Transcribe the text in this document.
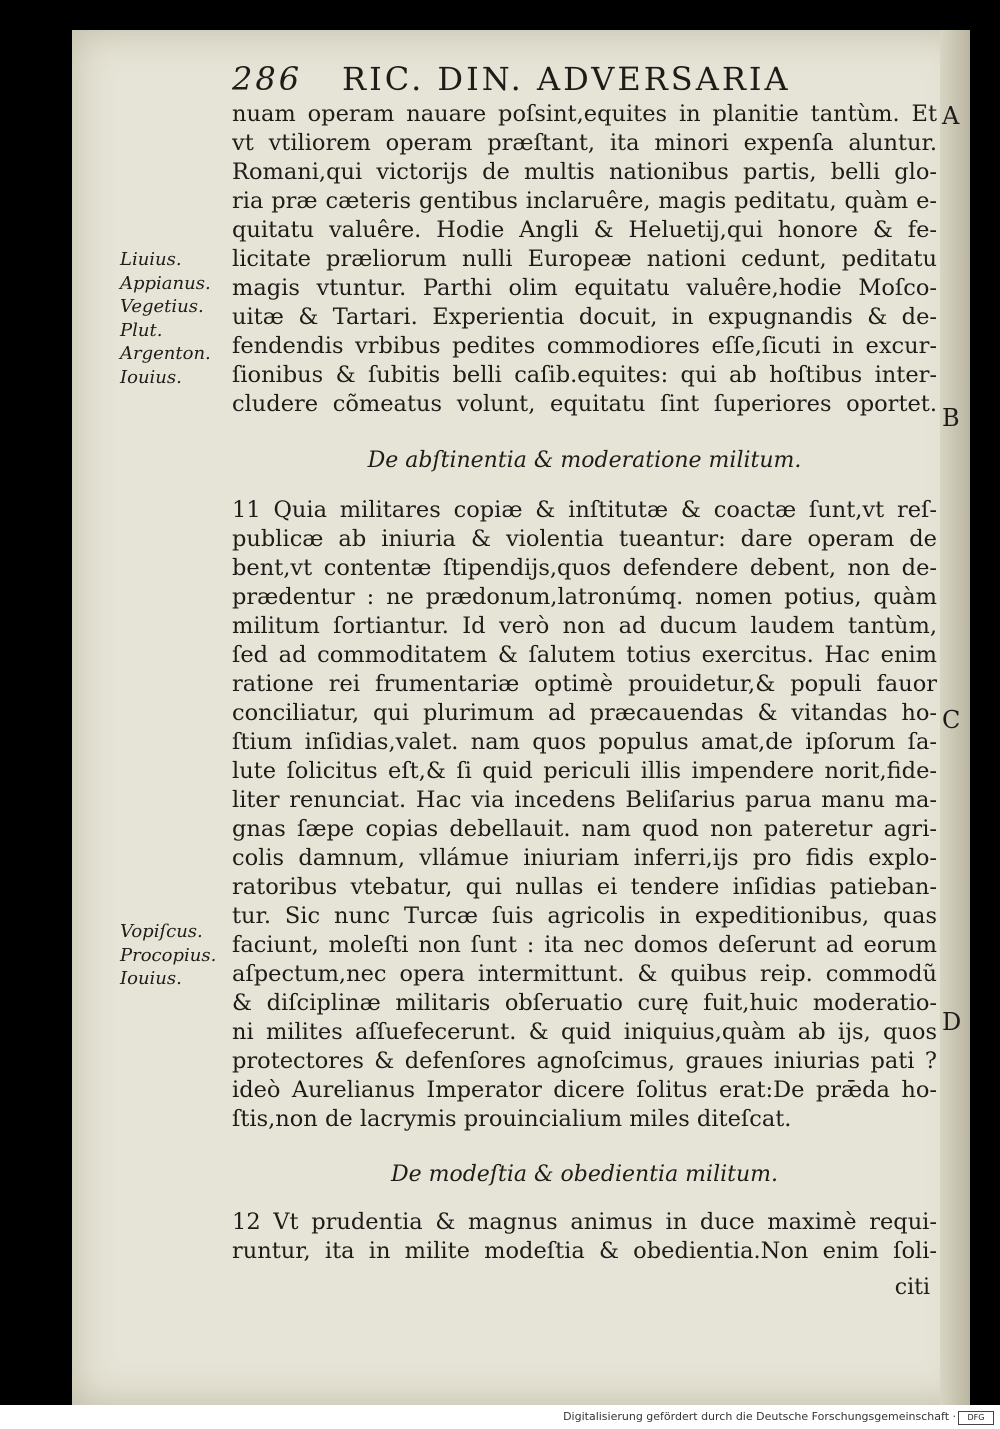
286 RIC. DIN. ADVERSARIA
nuam operam nauare poſsint,equites in planitie tantùm. Et
vt vtiliorem operam præſtant, ita minori expenſa aluntur.
Romani,qui victorijs de multis nationibus partis, belli glo-
ria præ cæteris gentibus inclaruêre, magis peditatu, quàm e-
quitatu valuêre. Hodie Angli & Heluetij,qui honore & fe-
licitate præliorum nulli Europeæ nationi cedunt, peditatu
magis vtuntur. Parthi olim equitatu valuêre,hodie Moſco-
uitæ & Tartari. Experientia docuit, in expugnandis & de-
fendendis vrbibus pedites commodiores eſſe,ſicuti in excur-
ſionibus & ſubitis belli caſib.equites: qui ab hoſtibus inter-
cludere cõmeatus volunt, equitatu ſint ſuperiores oportet.
De abſtinentia & moderatione militum.
11 Quia militares copiæ & inſtitutæ & coactæ ſunt,vt reſ-
publicæ ab iniuria & violentia tueantur: dare operam de
bent,vt contentæ ſtipendijs,quos defendere debent, non de-
prædentur : ne prædonum,latronúmq. nomen potius, quàm
militum ſortiantur. Id verò non ad ducum laudem tantùm,
ſed ad commoditatem & ſalutem totius exercitus. Hac enim
ratione rei frumentariæ optimè prouidetur,& populi fauor
conciliatur, qui plurimum ad præcauendas & vitandas ho-
ſtium inſidias,valet. nam quos populus amat,de ipſorum ſa-
lute ſolicitus eſt,& ſi quid periculi illis impendere norit,fide-
liter renunciat. Hac via incedens Beliſarius parua manu ma-
gnas ſæpe copias debellauit. nam quod non pateretur agri-
colis damnum, vllámue iniuriam inferri,ijs pro fidis explo-
ratoribus vtebatur, qui nullas ei tendere inſidias patieban-
tur. Sic nunc Turcæ ſuis agricolis in expeditionibus, quas
faciunt, moleſti non ſunt : ita nec domos deſerunt ad eorum
aſpectum,nec opera intermittunt. & quibus reip. commodũ
& diſciplinæ militaris obſeruatio curę fuit,huic moderatio-
ni milites aſſuefecerunt. & quid iniquius,quàm ab ijs, quos
protectores & defenſores agnoſcimus, graues iniurias pati ?
ideò Aurelianus Imperator dicere ſolitus erat:De prǣda ho-
ſtis,non de lacrymis prouincialium miles diteſcat.
De modeſtia & obedientia militum.
12 Vt prudentia & magnus animus in duce maximè requi-
runtur, ita in milite modeſtia & obedientia.Non enim ſoli-
citi
Liuius.
Appianus.
Vegetius.
Plut.
Argenton.
Iouius.
Vopiſcus.
Procopius.
Iouius.
A
B
C
D
Digitalisierung gefördert durch die Deutsche Forschungsgemeinschaft ·	DFG
